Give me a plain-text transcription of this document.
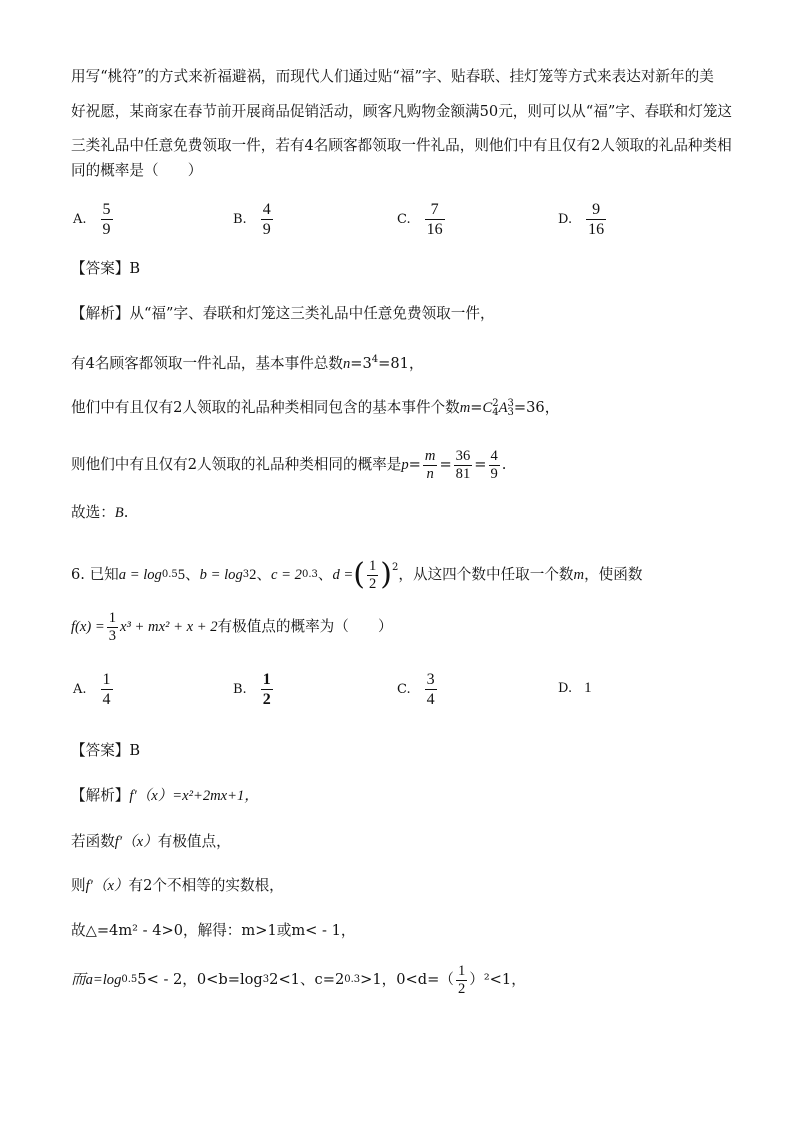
用写“桃符”的方式来祈福避祸，而现代人们通过贴“福”字、贴春联、挂灯笼等方式来表达对新年的美
好祝愿，某商家在春节前开展商品促销活动，顾客凡购物金额满50元，则可以从“福”字、春联和灯笼这
三类礼品中任意免费领取一件，若有4名顾客都领取一件礼品，则他们中有且仅有2人领取的礼品种类相
同的概率是（　　）
A. $\frac{5}{9}$	B. $\frac{4}{9}$	C. $\frac{7}{16}$	D. $\frac{9}{16}$
【答案】B
【解析】从“福”字、春联和灯笼这三类礼品中任意免费领取一件，
有4名顾客都领取一件礼品，基本事件总数$n=3^4=81$，
他们中有且仅有2人领取的礼品种类相同包含的基本事件个数m=C 2
4 A 3
3 =36，
则他们中有且仅有2人领取的礼品种类相同的概率是 $p = \frac{m}{n} = \frac{36}{81} = \frac{4}{9}$ .
故选：B.
6. 已知 a = log 0.5 5 、 b = log 3 2 、 c = 2 0.3 、 d = ( $\frac{1}{2}$ ) 2 ，从这四个数中任取一个数 m ，使函数
$f(x) = \frac{1}{3} x^3 + mx^2 + x + 2$ 有极值点的概率为（　　）
A. $\frac{1}{4}$	B. $\frac{1}{2}$	C. $\frac{3}{4}$	D. 1
【答案】B
【解析】f′（x）=x²+2mx+1，
若函数f′（x）有极值点，
则f′（x）有2个不相等的实数根，
故△=4m² - 4>0，解得：m>1或m< - 1，
而a=log 0.5 5< - 2，0<b=log 3 2<1、c=2 0.3 >1，$0<d=( \frac{1}{2} )^2<1$，
